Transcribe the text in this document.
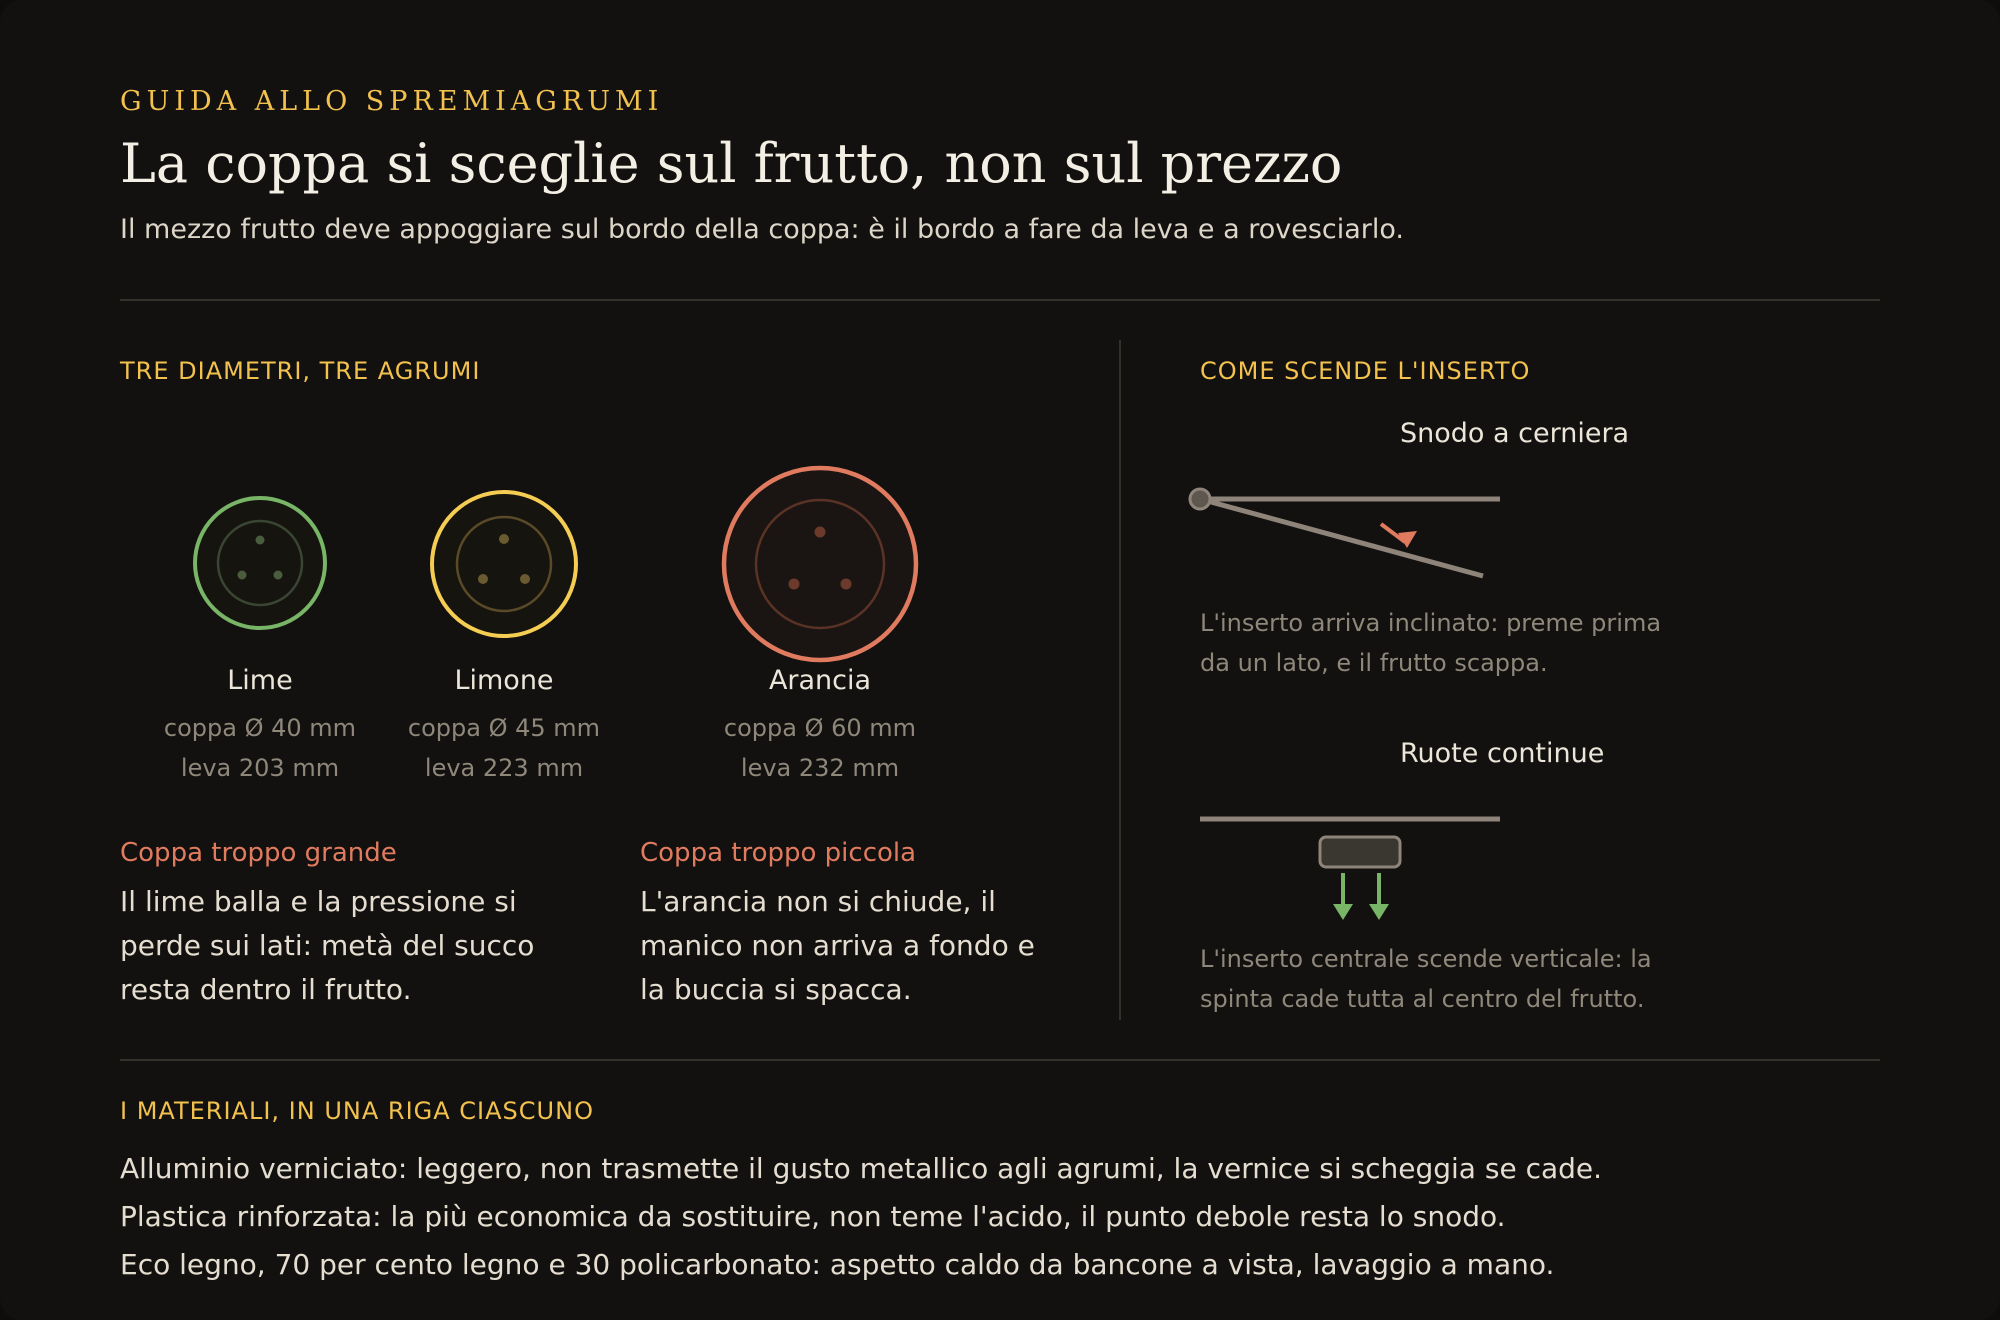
GUIDA ALLO SPREMIAGRUMI
La coppa si sceglie sul frutto, non sul prezzo
Il mezzo frutto deve appoggiare sul bordo della coppa: è il bordo a fare da leva e a rovesciarlo.
TRE DIAMETRI, TRE AGRUMI
Lime
coppa Ø 40 mm
leva 203 mm
Limone
coppa Ø 45 mm
leva 223 mm
Arancia
coppa Ø 60 mm
leva 232 mm
Coppa troppo grande
Il lime balla e la pressione si perde sui lati: metà del succo resta dentro il frutto.
Coppa troppo piccola
L'arancia non si chiude, il manico non arriva a fondo e la buccia si spacca.
COME SCENDE L'INSERTO
Snodo a cerniera
L'inserto arriva inclinato: preme prima da un lato, e il frutto scappa.
Ruote continue
L'inserto centrale scende verticale: la spinta cade tutta al centro del frutto.
I MATERIALI, IN UNA RIGA CIASCUNO
Alluminio verniciato: leggero, non trasmette il gusto metallico agli agrumi, la vernice si scheggia se cade.
Plastica rinforzata: la più economica da sostituire, non teme l'acido, il punto debole resta lo snodo.
Eco legno, 70 per cento legno e 30 policarbonato: aspetto caldo da bancone a vista, lavaggio a mano.
